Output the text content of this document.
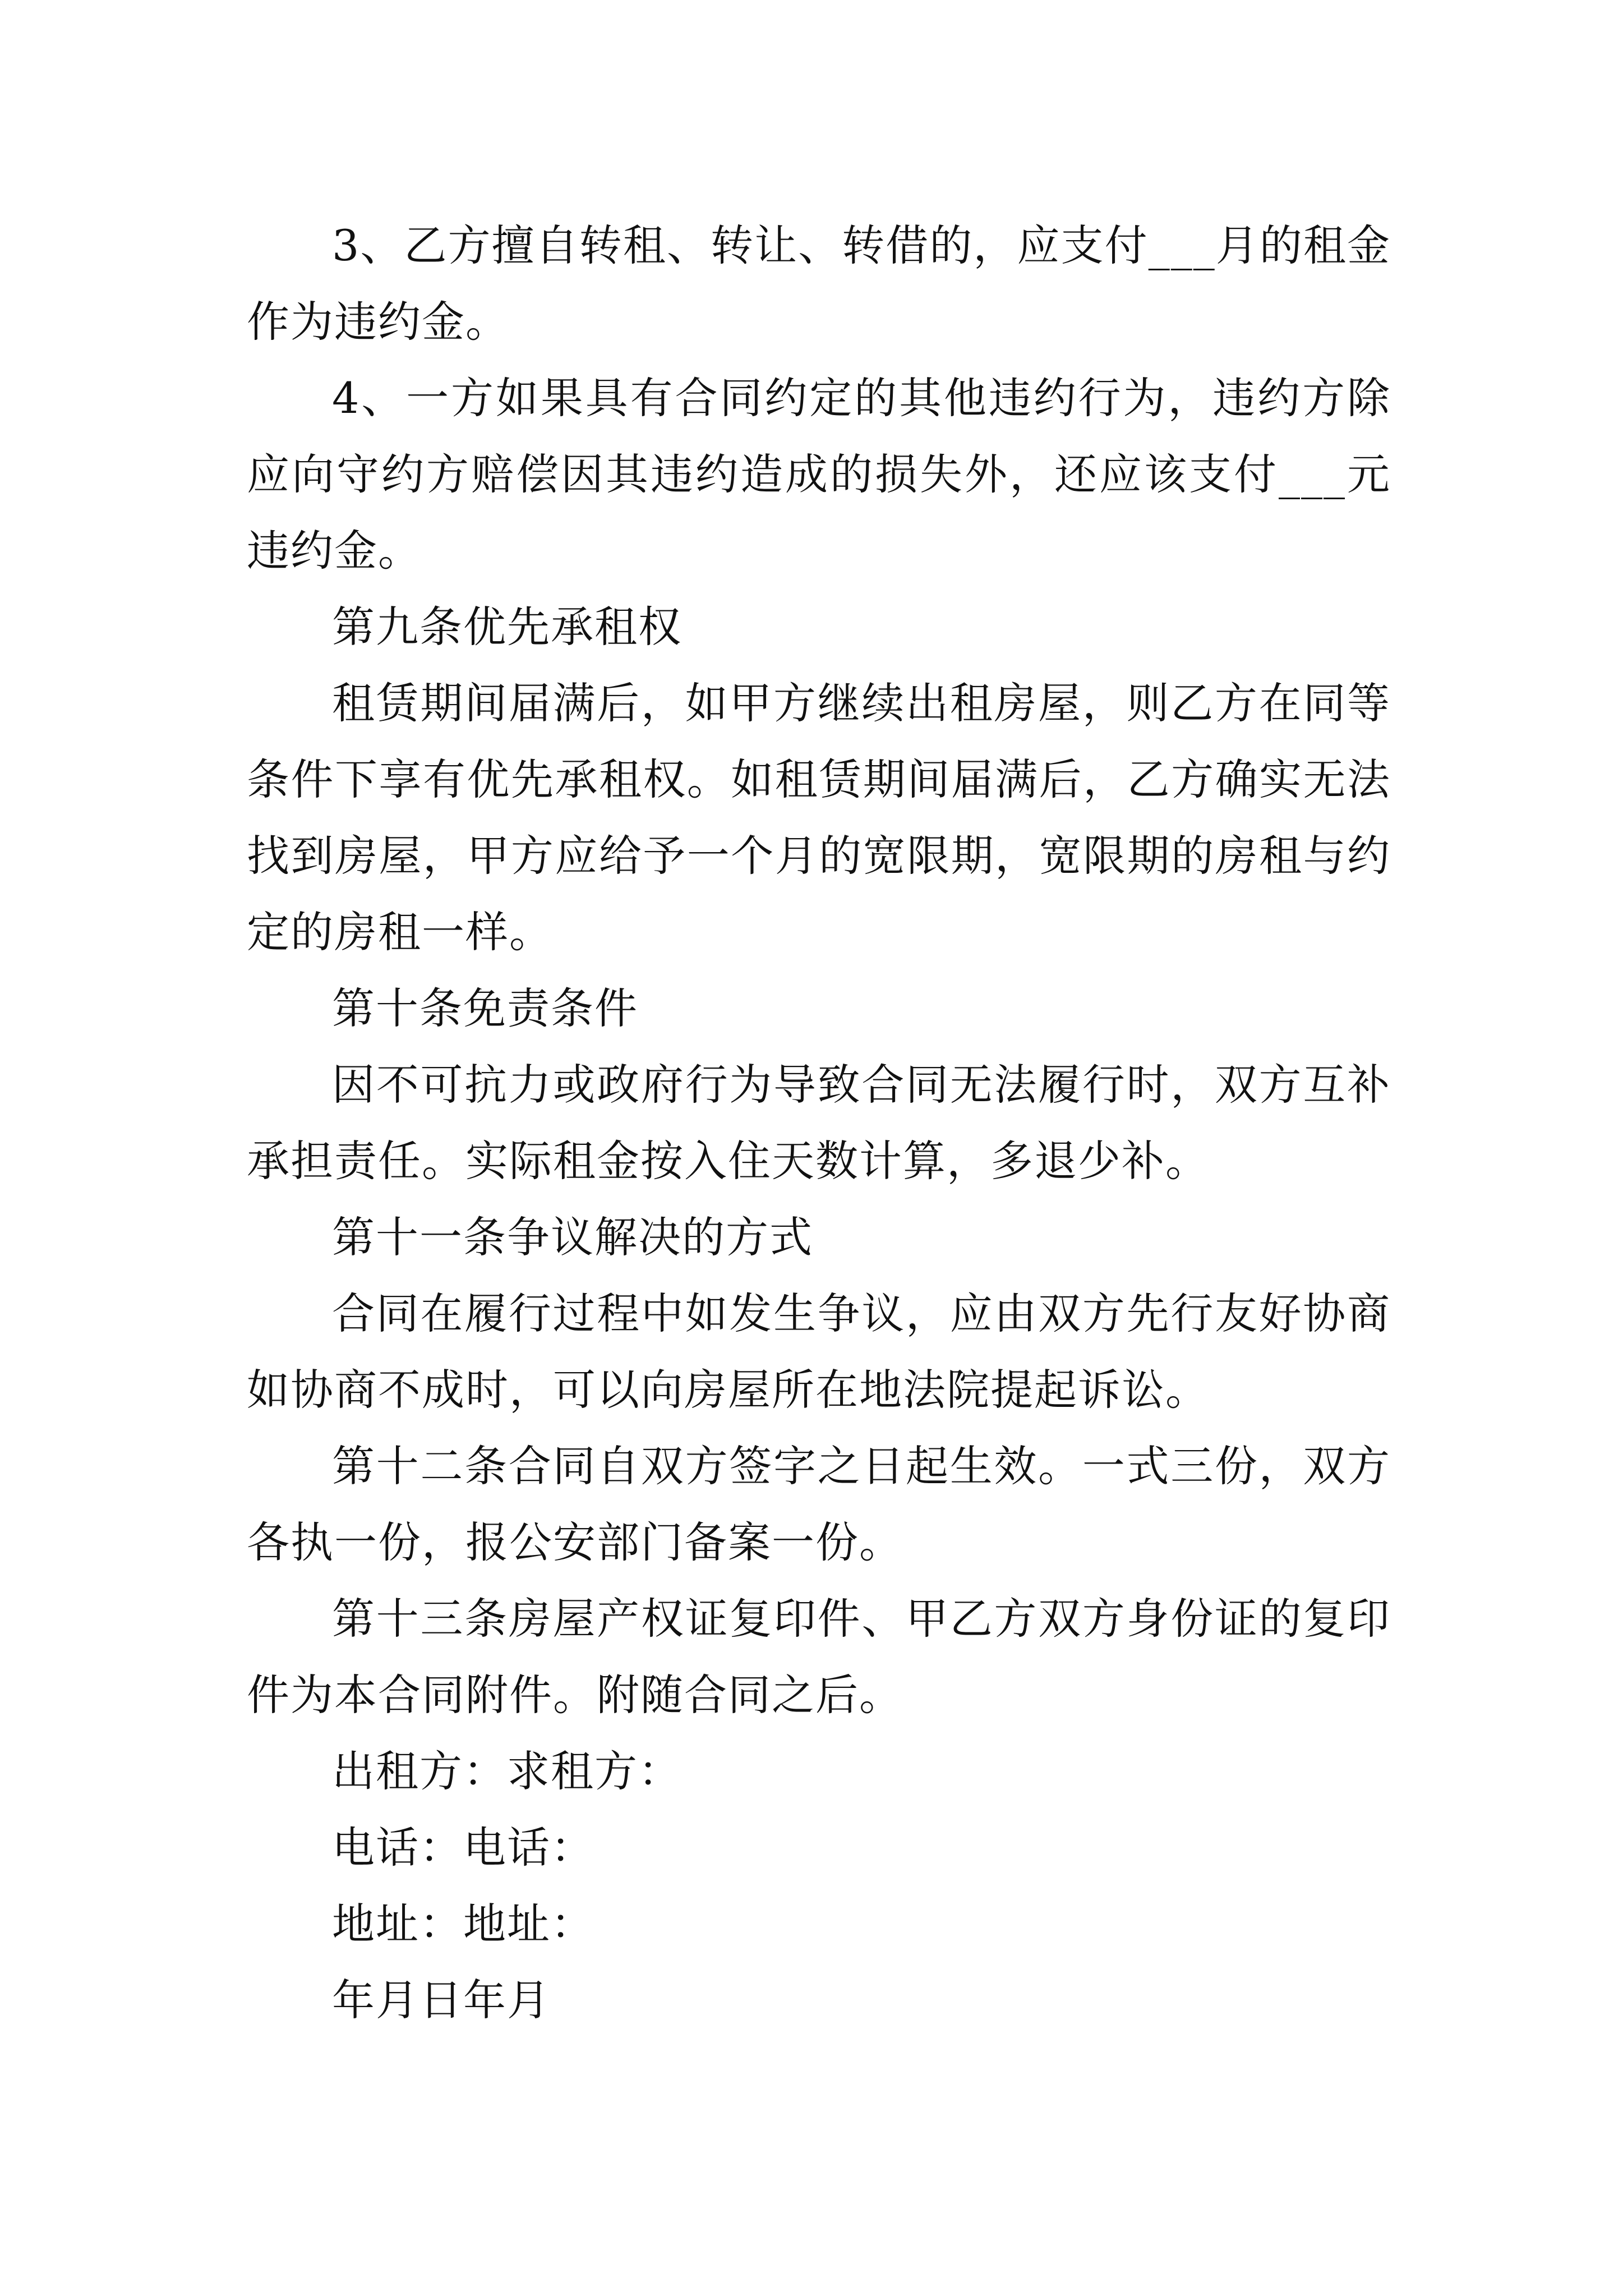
3、乙方擅自转租、转让、转借的，应支付___月的租金作为违约金。

4、一方如果具有合同约定的其他违约行为，违约方除应向守约方赔偿因其违约造成的损失外，还应该支付___元违约金。

第九条优先承租权

租赁期间届满后，如甲方继续出租房屋，则乙方在同等条件下享有优先承租权。如租赁期间届满后，乙方确实无法找到房屋，甲方应给予一个月的宽限期，宽限期的房租与约定的房租一样。

第十条免责条件

因不可抗力或政府行为导致合同无法履行时，双方互补承担责任。实际租金按入住天数计算，多退少补。

第十一条争议解决的方式

合同在履行过程中如发生争议，应由双方先行友好协商如协商不成时，可以向房屋所在地法院提起诉讼。

第十二条合同自双方签字之日起生效。一式三份，双方各执一份，报公安部门备案一份。

第十三条房屋产权证复印件、甲乙方双方身份证的复印件为本合同附件。附随合同之后。

出租方：求租方：

电话：电话：

地址：地址：

年月日年月
